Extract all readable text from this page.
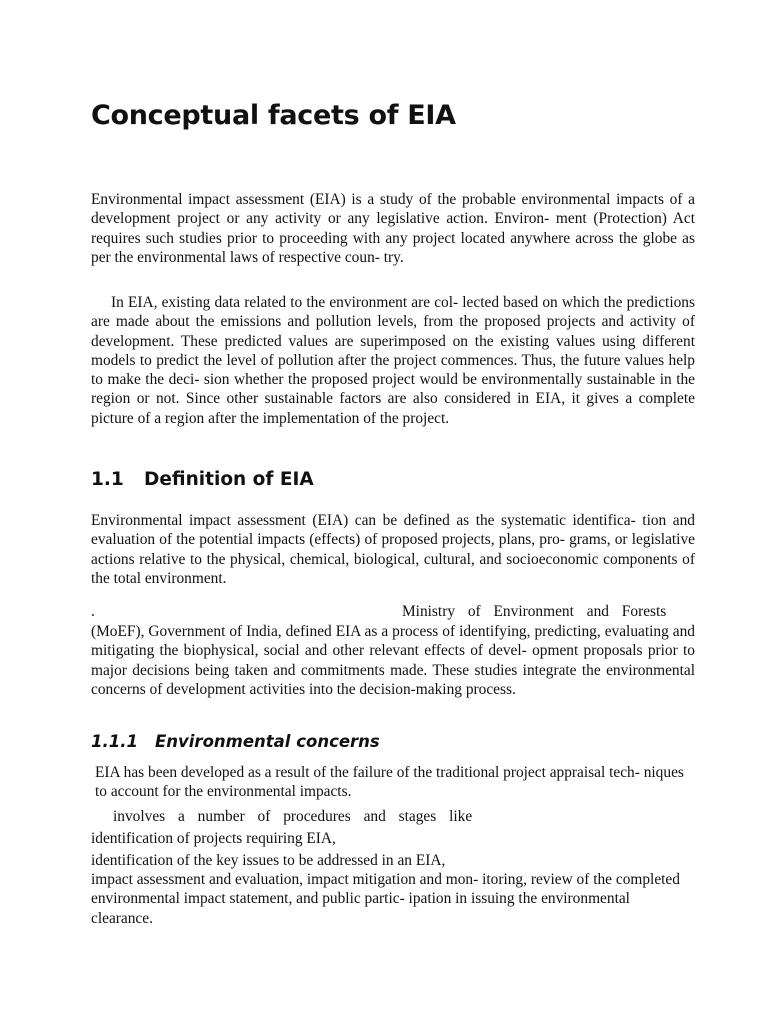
Conceptual facets of EIA

Environmental impact assessment (EIA) is a study of the probable environmental impacts of a development project or any activity or any legislative action. Environ- ment (Protection) Act requires such studies prior to proceeding with any project located anywhere across the globe as per the environmental laws of respective coun- try.

In EIA, existing data related to the environment are col- lected based on which the predictions are made about the emissions and pollution levels, from the proposed projects and activity of development. These predicted values are superimposed on the existing values using different models to predict the level of pollution after the project commences. Thus, the future values help to make the deci- sion whether the proposed project would be environmentally sustainable in the region or not. Since other sustainable factors are also considered in EIA, it gives a complete picture of a region after the implementation of the project.

1.1 Definition of EIA

Environmental impact assessment (EIA) can be defined as the systematic identifica- tion and evaluation of the potential impacts (effects) of proposed projects, plans, pro- grams, or legislative actions relative to the physical, chemical, biological, cultural, and socioeconomic components of the total environment.

.	Ministry of Environment and Forests

(MoEF), Government of India, defined EIA as a process of identifying, predicting, evaluating and mitigating the biophysical, social and other relevant effects of devel- opment proposals prior to major decisions being taken and commitments made. These studies integrate the environmental concerns of development activities into the decision-making process.

1.1.1 Environmental concerns

EIA has been developed as a result of the failure of the traditional project appraisal tech- niques to account for the environmental impacts.

involves a number of procedures and stages like

identification of projects requiring EIA,

identification of the key issues to be addressed in an EIA,

impact assessment and evaluation, impact mitigation and mon- itoring, review of the completed environmental impact statement, and public partic- ipation in issuing the environmental clearance.
